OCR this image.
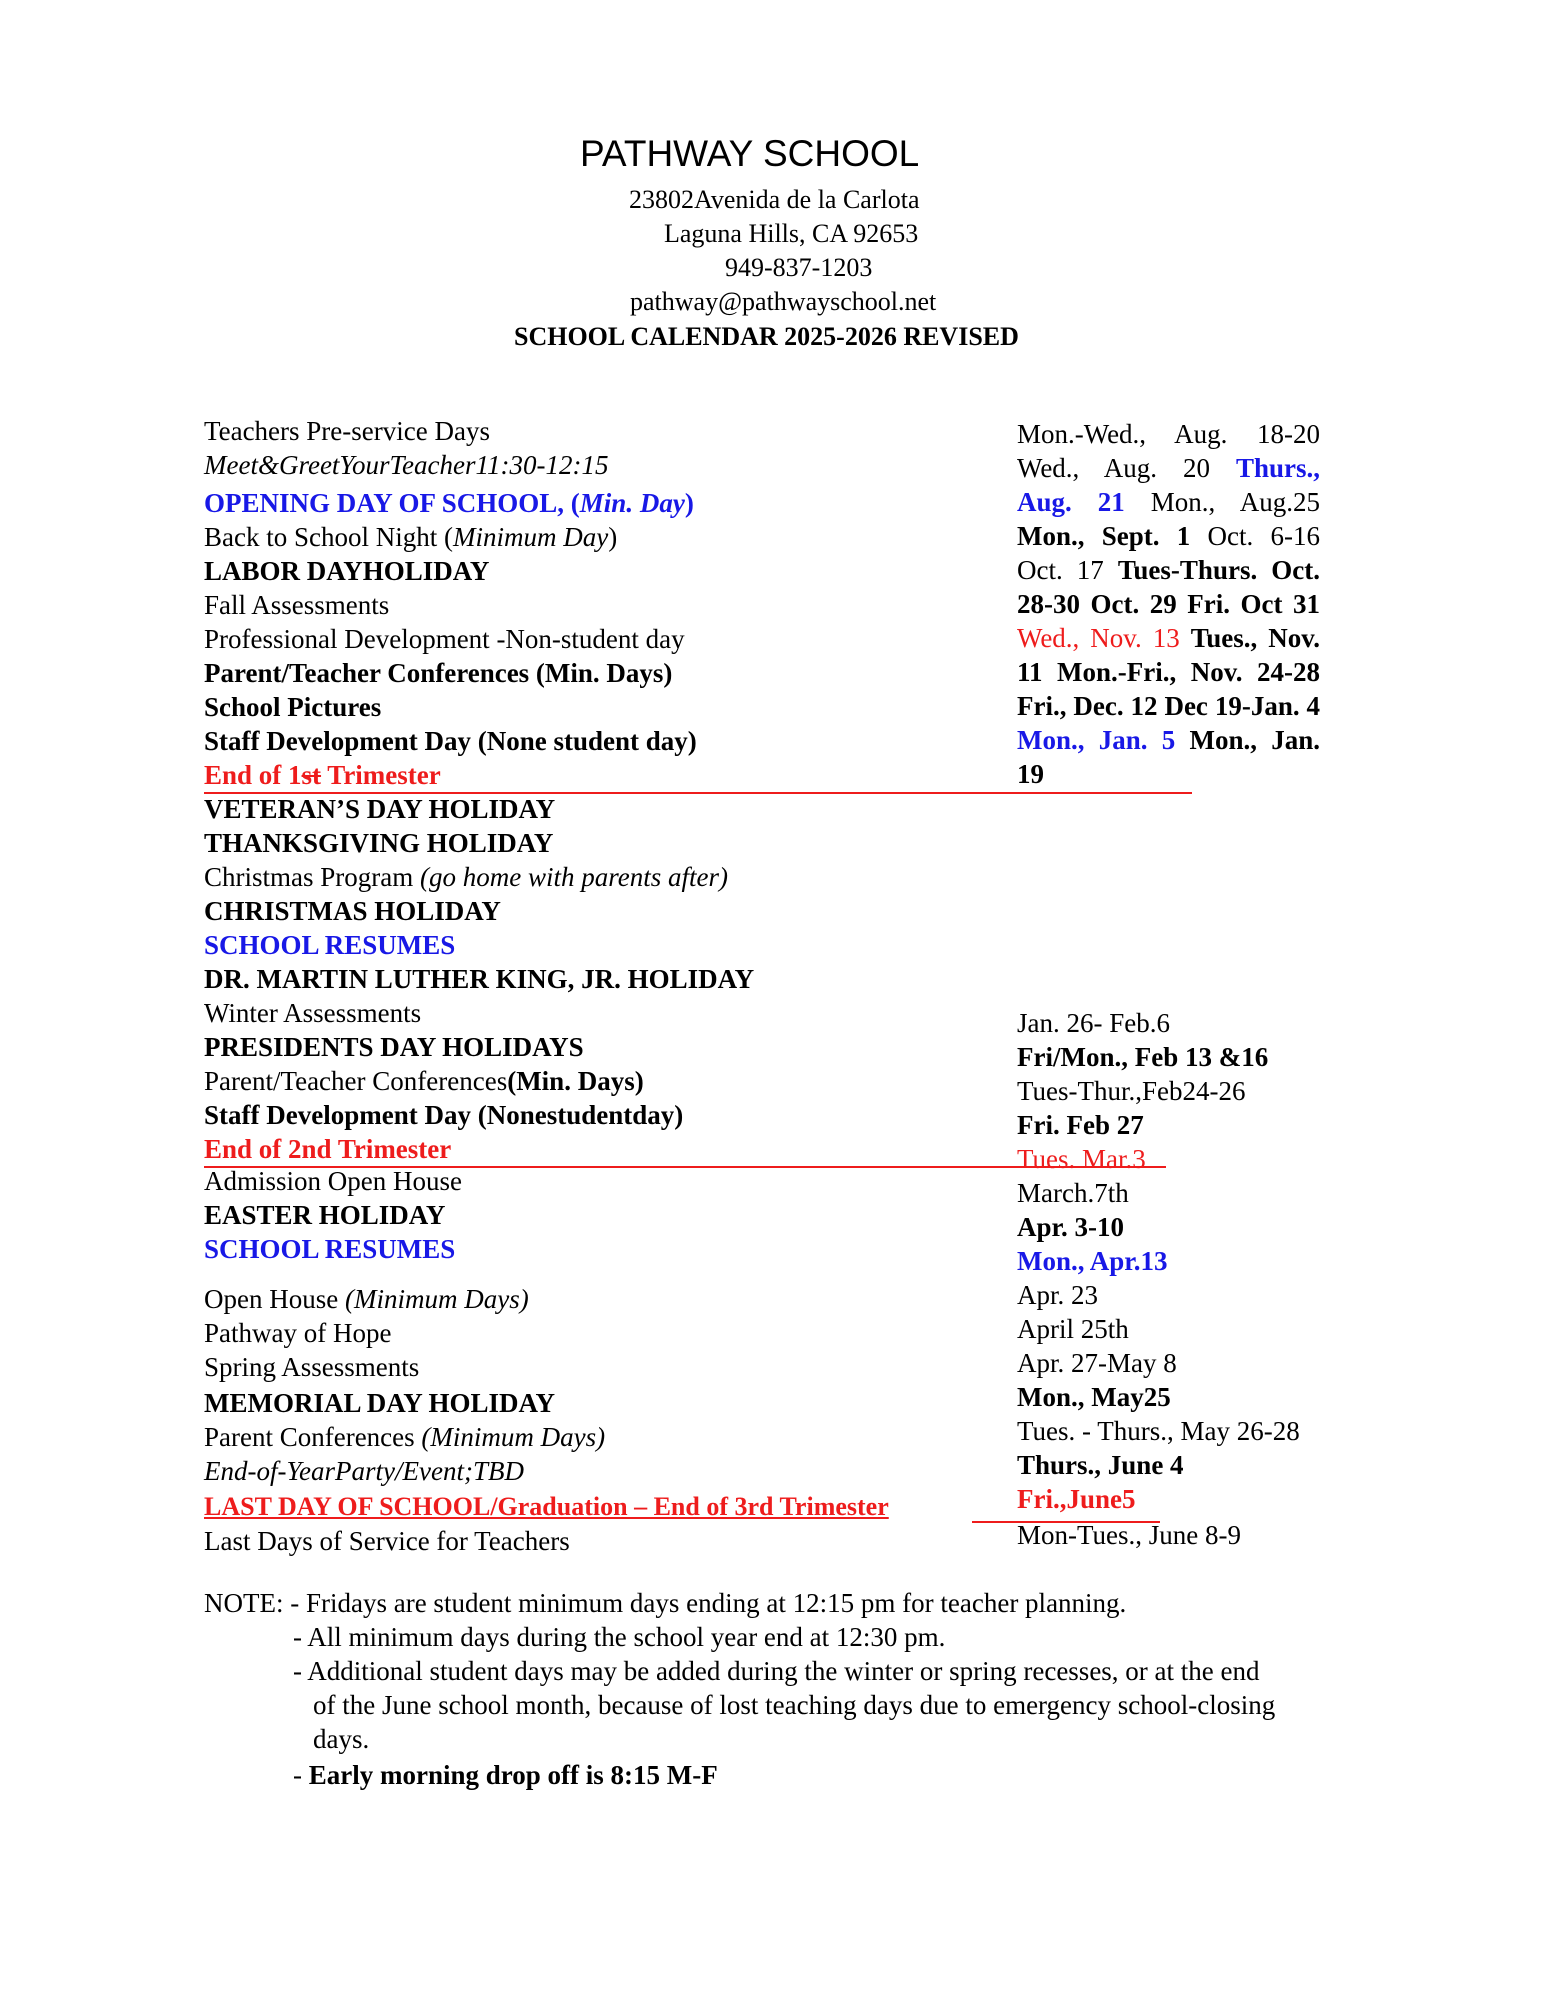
PATHWAY SCHOOL
23802Avenida de la Carlota
Laguna Hills, CA 92653
949-837-1203
pathway@pathwayschool.net
SCHOOL CALENDAR 2025-2026 REVISED
Teachers Pre-service Days
Meet&GreetYourTeacher11:30-12:15
OPENING DAY OF SCHOOL, (Min. Day)
Back to School Night (Minimum Day)
LABOR DAYHOLIDAY
Fall Assessments
Professional Development -Non-student day
Parent/Teacher Conferences (Min. Days)
School Pictures
Staff Development Day (None student day)
End of 1st Trimester
VETERAN’S DAY HOLIDAY
THANKSGIVING HOLIDAY
Christmas Program (go home with parents after)
CHRISTMAS HOLIDAY
SCHOOL RESUMES
DR. MARTIN LUTHER KING, JR. HOLIDAY
Winter Assessments
PRESIDENTS DAY HOLIDAYS
Parent/Teacher Conferences(Min. Days)
Staff Development Day (Nonestudentday)
End of 2nd Trimester
Admission Open House
EASTER HOLIDAY
SCHOOL RESUMES
Open House (Minimum Days)
Pathway of Hope
Spring Assessments
MEMORIAL DAY HOLIDAY
Parent Conferences (Minimum Days)
End-of-YearParty/Event;TBD
LAST DAY OF SCHOOL/Graduation – End of 3rd Trimester
Last Days of Service for Teachers
Mon.-Wed., Aug. 18-20 Wed., Aug. 20 Thurs., Aug. 21 Mon., Aug.25 Mon., Sept. 1 Oct. 6-16 Oct. 17 Tues-Thurs. Oct. 28-30 Oct. 29 Fri. Oct 31 Wed., Nov. 13 Tues., Nov. 11 Mon.-Fri., Nov. 24-28 Fri., Dec. 12 Dec 19-Jan. 4 Mon., Jan. 5 Mon., Jan. 19
Jan. 26- Feb.6
Fri/Mon., Feb 13 &16
Tues-Thur.,Feb24-26
Fri. Feb 27
Tues. Mar.3
March.7th
Apr. 3-10
Mon., Apr.13
Apr. 23
April 25th
Apr. 27-May 8
Mon., May25
Tues. - Thurs., May 26-28
Thurs., June 4
Fri.,June5
Mon-Tues., June 8-9
NOTE: - Fridays are student minimum days ending at 12:15 pm for teacher planning.
- All minimum days during the school year end at 12:30 pm.
- Additional student days may be added during the winter or spring recesses, or at the end
of the June school month, because of lost teaching days due to emergency school-closing
days.
- Early morning drop off is 8:15 M-F
